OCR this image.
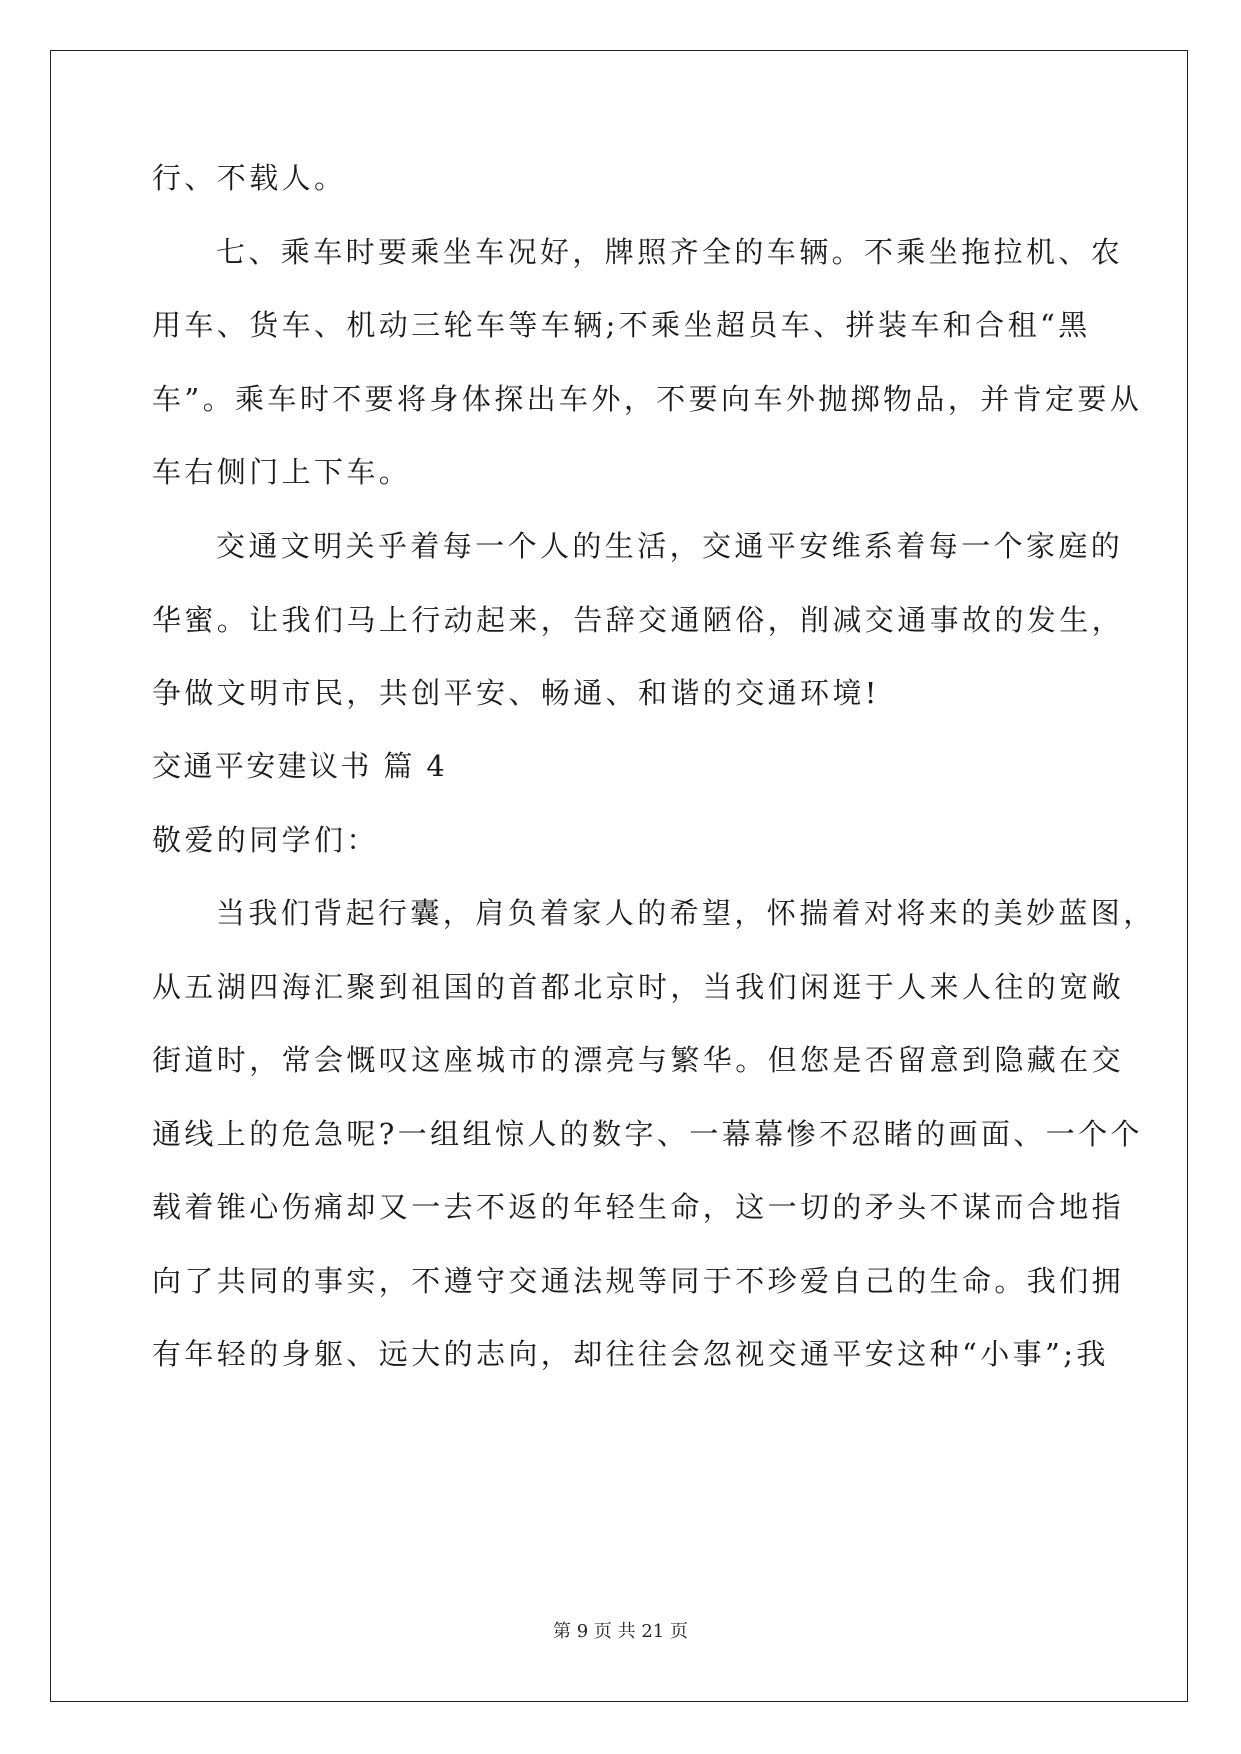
行、不载人。
七、乘车时要乘坐车况好，牌照齐全的车辆。不乘坐拖拉机、农
用车、货车、机动三轮车等车辆;不乘坐超员车、拼装车和合租“黑
车”。乘车时不要将身体探出车外，不要向车外抛掷物品，并肯定要从
车右侧门上下车。
交通文明关乎着每一个人的生活，交通平安维系着每一个家庭的
华蜜。让我们马上行动起来，告辞交通陋俗，削减交通事故的发生，
争做文明市民，共创平安、畅通、和谐的交通环境!
交通平安建议书 篇 4
敬爱的同学们：
当我们背起行囊，肩负着家人的希望，怀揣着对将来的美妙蓝图，
从五湖四海汇聚到祖国的首都北京时，当我们闲逛于人来人往的宽敞
街道时，常会慨叹这座城市的漂亮与繁华。但您是否留意到隐藏在交
通线上的危急呢?一组组惊人的数字、一幕幕惨不忍睹的画面、一个个
载着锥心伤痛却又一去不返的年轻生命，这一切的矛头不谋而合地指
向了共同的事实，不遵守交通法规等同于不珍爱自己的生命。我们拥
有年轻的身躯、远大的志向，却往往会忽视交通平安这种“小事”;我
第 9 页 共 21 页
